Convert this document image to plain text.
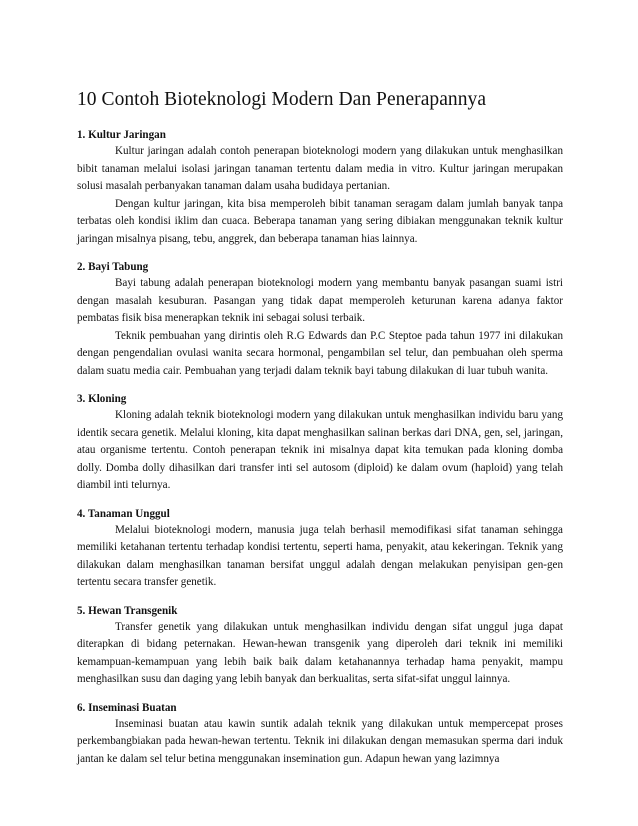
10 Contoh Bioteknologi Modern Dan Penerapannya

1. Kultur Jaringan

Kultur jaringan adalah contoh penerapan bioteknologi modern yang dilakukan untuk menghasilkan bibit tanaman melalui isolasi jaringan tanaman tertentu dalam media in vitro. Kultur jaringan merupakan solusi masalah perbanyakan tanaman dalam usaha budidaya pertanian.

Dengan kultur jaringan, kita bisa memperoleh bibit tanaman seragam dalam jumlah banyak tanpa terbatas oleh kondisi iklim dan cuaca. Beberapa tanaman yang sering dibiakan menggunakan teknik kultur jaringan misalnya pisang, tebu, anggrek, dan beberapa tanaman hias lainnya.

2. Bayi Tabung

Bayi tabung adalah penerapan bioteknologi modern yang membantu banyak pasangan suami istri dengan masalah kesuburan. Pasangan yang tidak dapat memperoleh keturunan karena adanya faktor pembatas fisik bisa menerapkan teknik ini sebagai solusi terbaik.

Teknik pembuahan yang dirintis oleh R.G Edwards dan P.C Steptoe pada tahun 1977 ini dilakukan dengan pengendalian ovulasi wanita secara hormonal, pengambilan sel telur, dan pembuahan oleh sperma dalam suatu media cair. Pembuahan yang terjadi dalam teknik bayi tabung dilakukan di luar tubuh wanita.

3. Kloning

Kloning adalah teknik bioteknologi modern yang dilakukan untuk menghasilkan individu baru yang identik secara genetik. Melalui kloning, kita dapat menghasilkan salinan berkas dari DNA, gen, sel, jaringan, atau organisme tertentu. Contoh penerapan teknik ini misalnya dapat kita temukan pada kloning domba dolly. Domba dolly dihasilkan dari transfer inti sel autosom (diploid) ke dalam ovum (haploid) yang telah diambil inti telurnya.

4. Tanaman Unggul

Melalui bioteknologi modern, manusia juga telah berhasil memodifikasi sifat tanaman sehingga memiliki ketahanan tertentu terhadap kondisi tertentu, seperti hama, penyakit, atau kekeringan. Teknik yang dilakukan dalam menghasilkan tanaman bersifat unggul adalah dengan melakukan penyisipan gen-gen tertentu secara transfer genetik.

5. Hewan Transgenik

Transfer genetik yang dilakukan untuk menghasilkan individu dengan sifat unggul juga dapat diterapkan di bidang peternakan. Hewan-hewan transgenik yang diperoleh dari teknik ini memiliki kemampuan-kemampuan yang lebih baik baik dalam ketahanannya terhadap hama penyakit, mampu menghasilkan susu dan daging yang lebih banyak dan berkualitas, serta sifat-sifat unggul lainnya.

6. Inseminasi Buatan

Inseminasi buatan atau kawin suntik adalah teknik yang dilakukan untuk mempercepat proses perkembangbiakan pada hewan-hewan tertentu. Teknik ini dilakukan dengan memasukan sperma dari induk jantan ke dalam sel telur betina menggunakan insemination gun. Adapun hewan yang lazimnya
